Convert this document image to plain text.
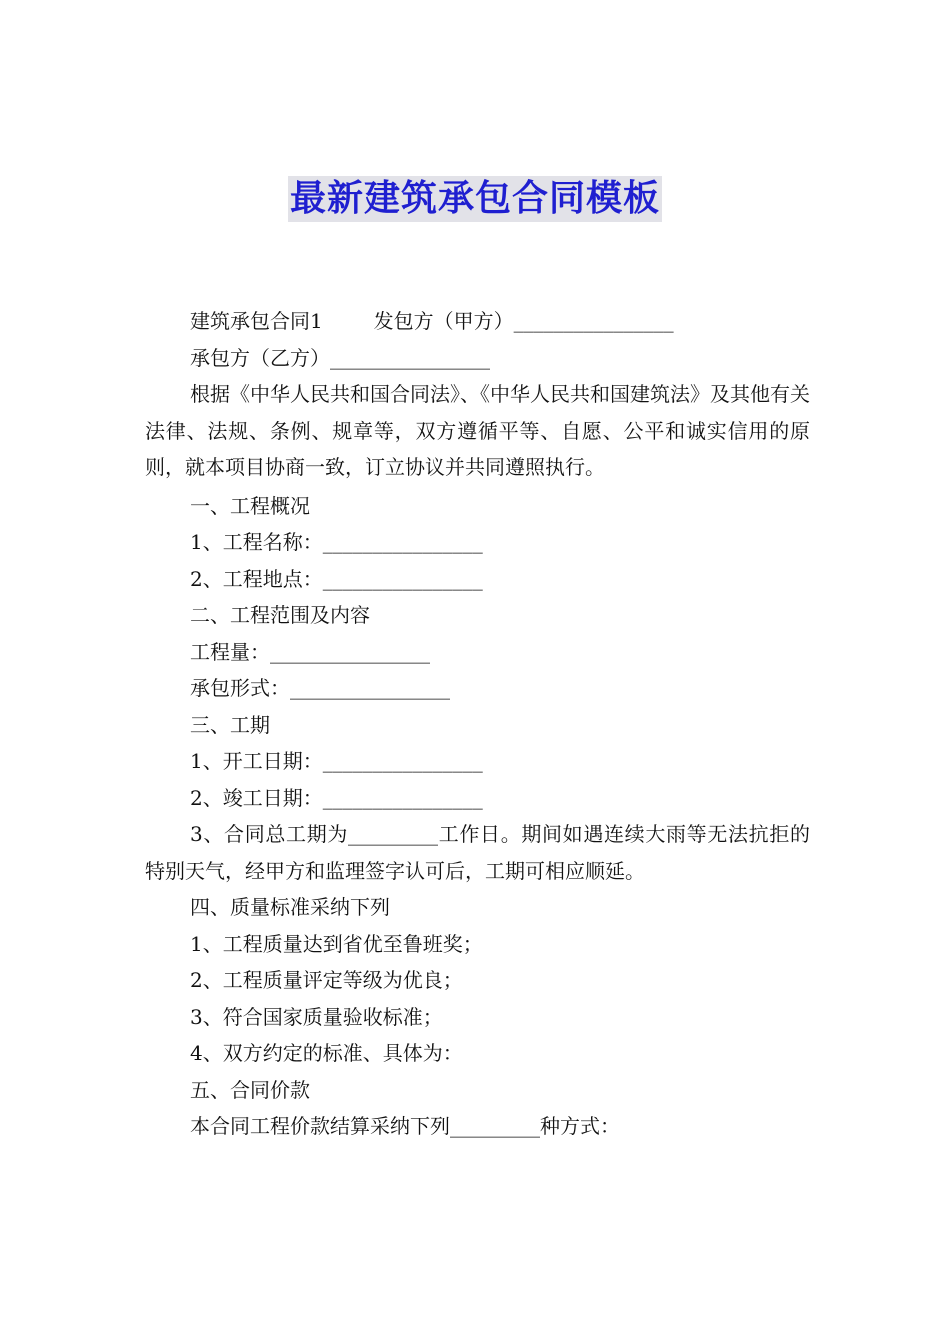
最新建筑承包合同模板

建筑承包合同1        发包方（甲方）________________

承包方（乙方）________________

根据《中华人民共和国合同法》、《中华人民共和国建筑法》及其他有关法律、法规、条例、规章等，双方遵循平等、自愿、公平和诚实信用的原则，就本项目协商一致，订立协议并共同遵照执行。

一、工程概况

1、工程名称：________________

2、工程地点：________________

二、工程范围及内容

工程量：________________

承包形式：________________

三、工期

1、开工日期：________________

2、竣工日期：________________

3、合同总工期为_________工作日。期间如遇连续大雨等无法抗拒的特别天气，经甲方和监理签字认可后，工期可相应顺延。

四、质量标准采纳下列

1、工程质量达到省优至鲁班奖；

2、工程质量评定等级为优良；

3、符合国家质量验收标准；

4、双方约定的标准、具体为：

五、合同价款

本合同工程价款结算采纳下列_________种方式：
